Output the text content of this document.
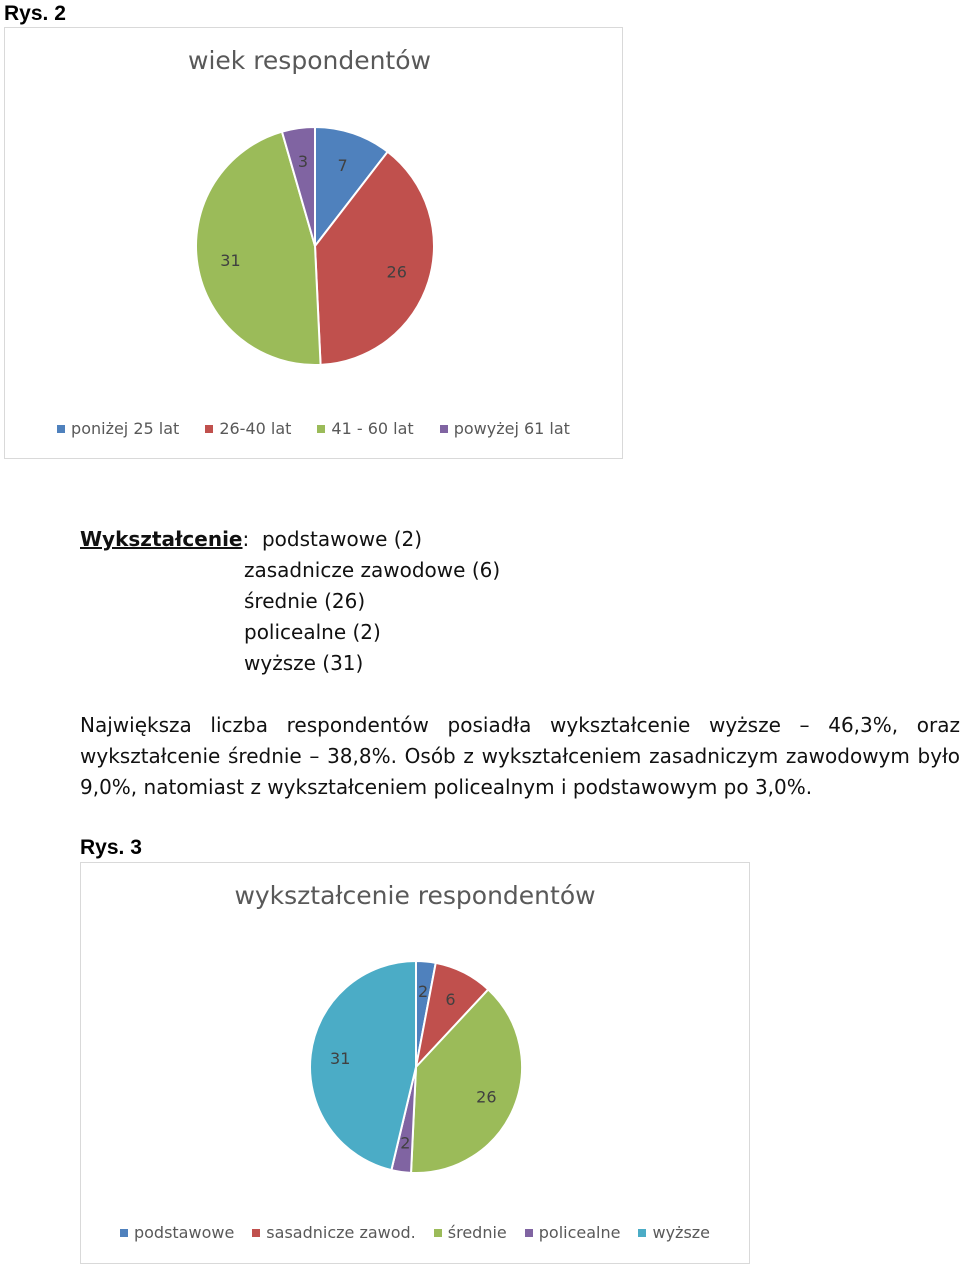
Rys. 2
wiek respondentów
7
26
31
3
poniżej 25 lat	26-40 lat	41 - 60 lat	powyżej 61 lat
Wykształcenie: podstawowe (2)
zasadnicze zawodowe (6)
średnie (26)
policealne (2)
wyższe (31)
Największa liczba respondentów posiadła wykształcenie wyższe – 46,3%, oraz wykształcenie średnie – 38,8%. Osób z wykształceniem zasadniczym zawodowym było 9,0%, natomiast z wykształceniem policealnym i podstawowym po 3,0%.
Rys. 3
wykształcenie respondentów
2 6
26
2
31
podstawowe sasadnicze zawod. średnie policealne wyższe
